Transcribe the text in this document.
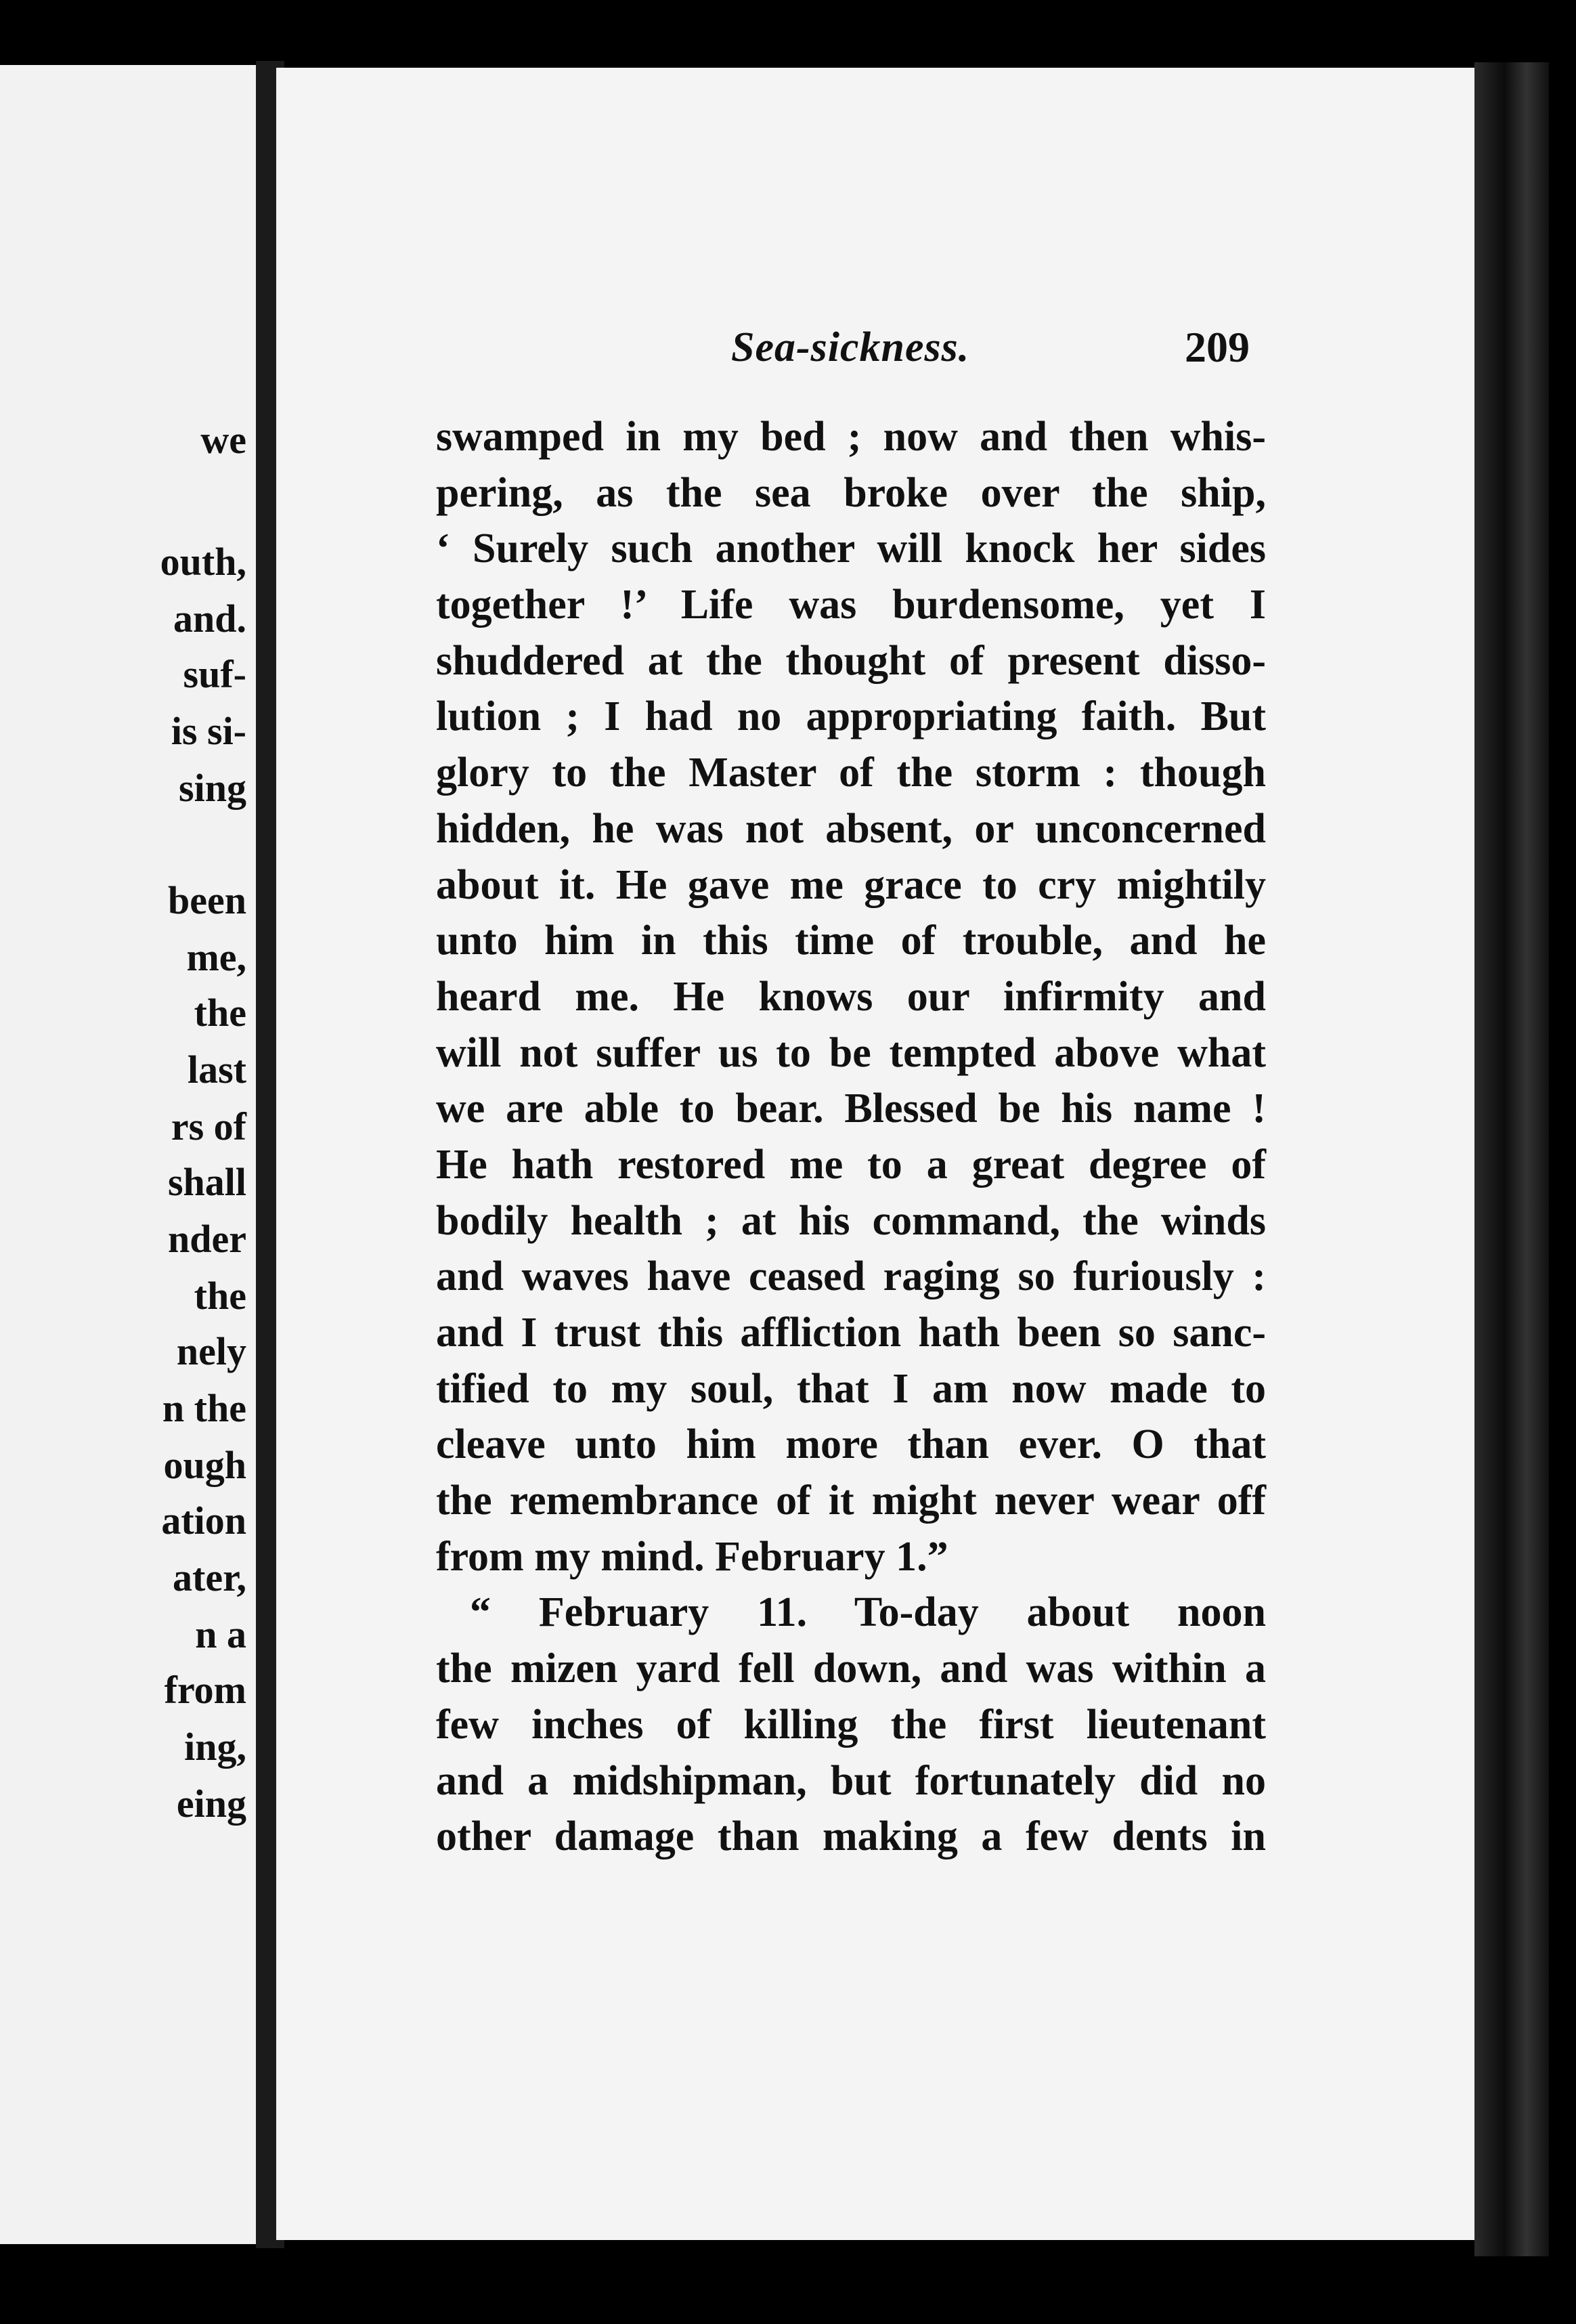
we
outh,
and.
suf-
is si-
sing
been
me,
the
last
rs of
shall
nder
the
nely
n the
ough
ation
ater,
n a
from
ing,
eing
Sea-sickness.	209
swamped in my bed ; now and then whis-
pering, as the sea broke over the ship,
‘ Surely such another will knock her sides
together !’ Life was burdensome, yet I
shuddered at the thought of present disso-
lution ; I had no appropriating faith. But
glory to the Master of the storm : though
hidden, he was not absent, or unconcerned
about it. He gave me grace to cry mightily
unto him in this time of trouble, and he
heard me. He knows our infirmity and
will not suffer us to be tempted above what
we are able to bear. Blessed be his name !
He hath restored me to a great degree of
bodily health ; at his command, the winds
and waves have ceased raging so furiously :
and I trust this affliction hath been so sanc-
tified to my soul, that I am now made to
cleave unto him more than ever. O that
the remembrance of it might never wear off
from my mind. February 1.”
“ February 11. To-day about noon
the mizen yard fell down, and was within a
few inches of killing the first lieutenant
and a midshipman, but fortunately did no
other damage than making a few dents in
